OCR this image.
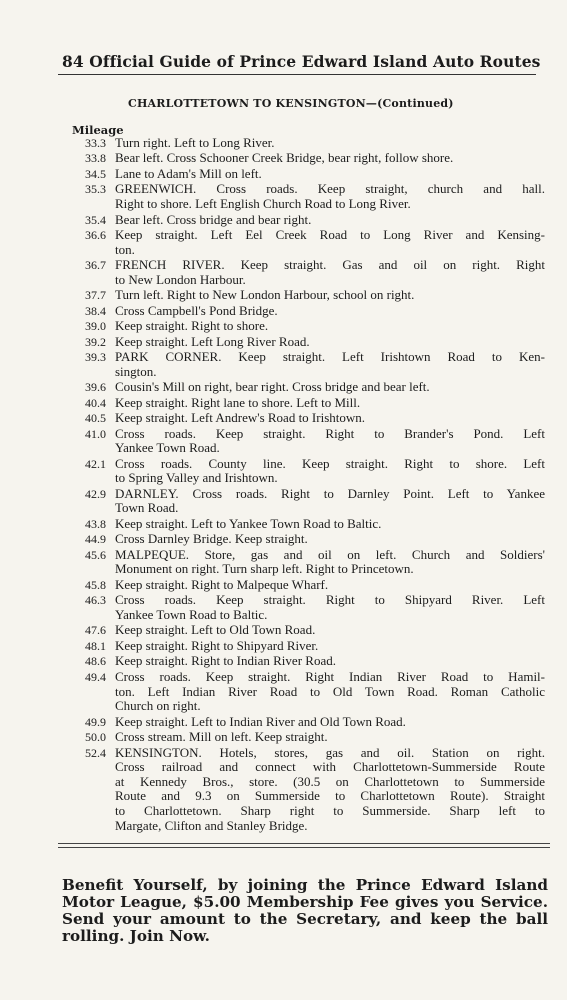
84 Official Guide of Prince Edward Island Auto Routes
CHARLOTTETOWN TO KENSINGTON—(Continued)
Mileage
33.3 Turn right. Left to Long River.
33.8 Bear left. Cross Schooner Creek Bridge, bear right, follow shore.
34.5 Lane to Adam's Mill on left.
35.3 GREENWICH. Cross roads. Keep straight, church and hall.
Right to shore. Left English Church Road to Long River.
35.4 Bear left. Cross bridge and bear right.
36.6 Keep straight. Left Eel Creek Road to Long River and Kensing-
ton.
36.7 FRENCH RIVER. Keep straight. Gas and oil on right. Right
to New London Harbour.
37.7 Turn left. Right to New London Harbour, school on right.
38.4 Cross Campbell's Pond Bridge.
39.0 Keep straight. Right to shore.
39.2 Keep straight. Left Long River Road.
39.3 PARK CORNER. Keep straight. Left Irishtown Road to Ken-
sington.
39.6 Cousin's Mill on right, bear right. Cross bridge and bear left.
40.4 Keep straight. Right lane to shore. Left to Mill.
40.5 Keep straight. Left Andrew's Road to Irishtown.
41.0 Cross roads. Keep straight. Right to Brander's Pond. Left
Yankee Town Road.
42.1 Cross roads. County line. Keep straight. Right to shore. Left
to Spring Valley and Irishtown.
42.9 DARNLEY. Cross roads. Right to Darnley Point. Left to Yankee
Town Road.
43.8 Keep straight. Left to Yankee Town Road to Baltic.
44.9 Cross Darnley Bridge. Keep straight.
45.6 MALPEQUE. Store, gas and oil on left. Church and Soldiers'
Monument on right. Turn sharp left. Right to Princetown.
45.8 Keep straight. Right to Malpeque Wharf.
46.3 Cross roads. Keep straight. Right to Shipyard River. Left
Yankee Town Road to Baltic.
47.6 Keep straight. Left to Old Town Road.
48.1 Keep straight. Right to Shipyard River.
48.6 Keep straight. Right to Indian River Road.
49.4 Cross roads. Keep straight. Right Indian River Road to Hamil-
ton. Left Indian River Road to Old Town Road. Roman Catholic
Church on right.
49.9 Keep straight. Left to Indian River and Old Town Road.
50.0 Cross stream. Mill on left. Keep straight.
52.4 KENSINGTON. Hotels, stores, gas and oil. Station on right.
Cross railroad and connect with Charlottetown-Summerside Route
at Kennedy Bros., store. (30.5 on Charlottetown to Summerside
Route and 9.3 on Summerside to Charlottetown Route). Straight
to Charlottetown. Sharp right to Summerside. Sharp left to
Margate, Clifton and Stanley Bridge.
Benefit Yourself, by joining the Prince Edward Island
Motor League, $5.00 Membership Fee gives you Service.
Send your amount to the Secretary, and keep the ball
rolling. Join Now.
